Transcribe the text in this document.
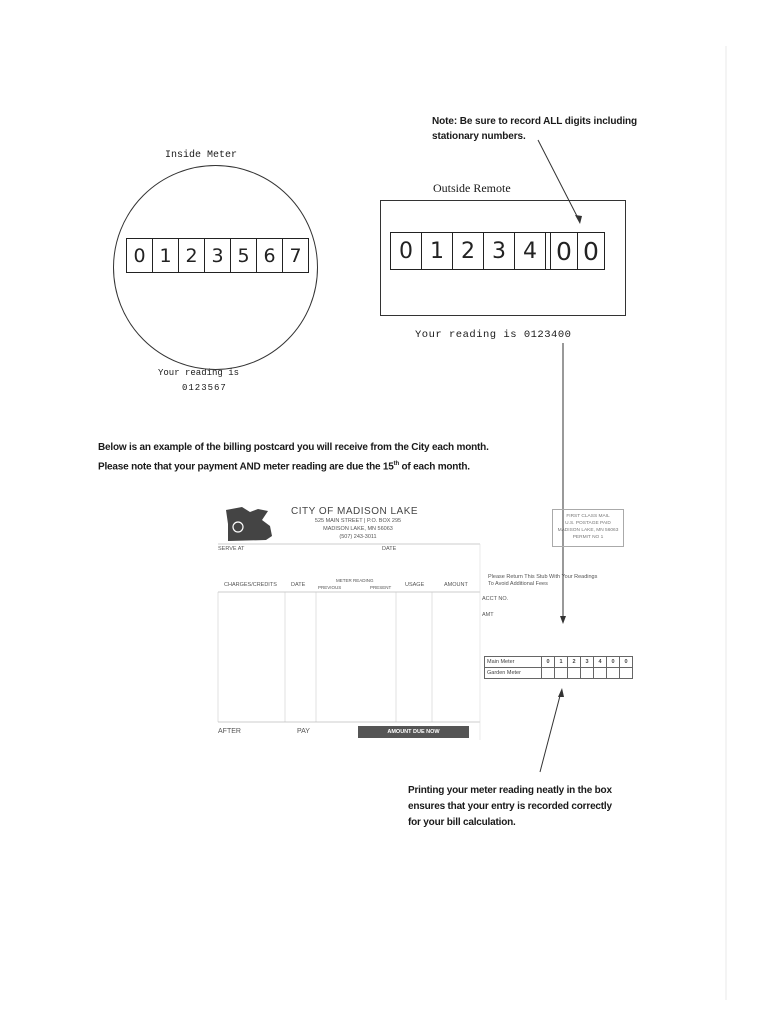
Note: Be sure to record ALL digits including
stationary numbers.
Inside Meter
0 1 2 3 5 6 7
Your reading is
0123567
Outside Remote
0 1 2 3 4 0 0
Your reading is 0123400
Below is an example of the billing postcard you will receive from the City each month.
Please note that your payment AND meter reading are due the 15th of each month.
CITY OF MADISON LAKE
525 MAIN STREET | P.O. BOX 295
MADISON LAKE, MN 56063
(507) 243-3011
SERVE AT	DATE
FIRST CLASS MAIL
U.S. POSTAGE PAID
MADISON LAKE, MN 56063
PERMIT NO 1
CHARGES/CREDITS	DATE
METER READING
PREVIOUS	PRESENT USAGE	AMOUNT
Please Return This Stub With Your Readings
To Avoid Additional Fees
ACCT NO.
AMT
Main Meter	0	1	2	3	4	0	0
Garden Meter							
AFTER	PAY	AMOUNT DUE NOW
Printing your meter reading neatly in the box
ensures that your entry is recorded correctly
for your bill calculation.
